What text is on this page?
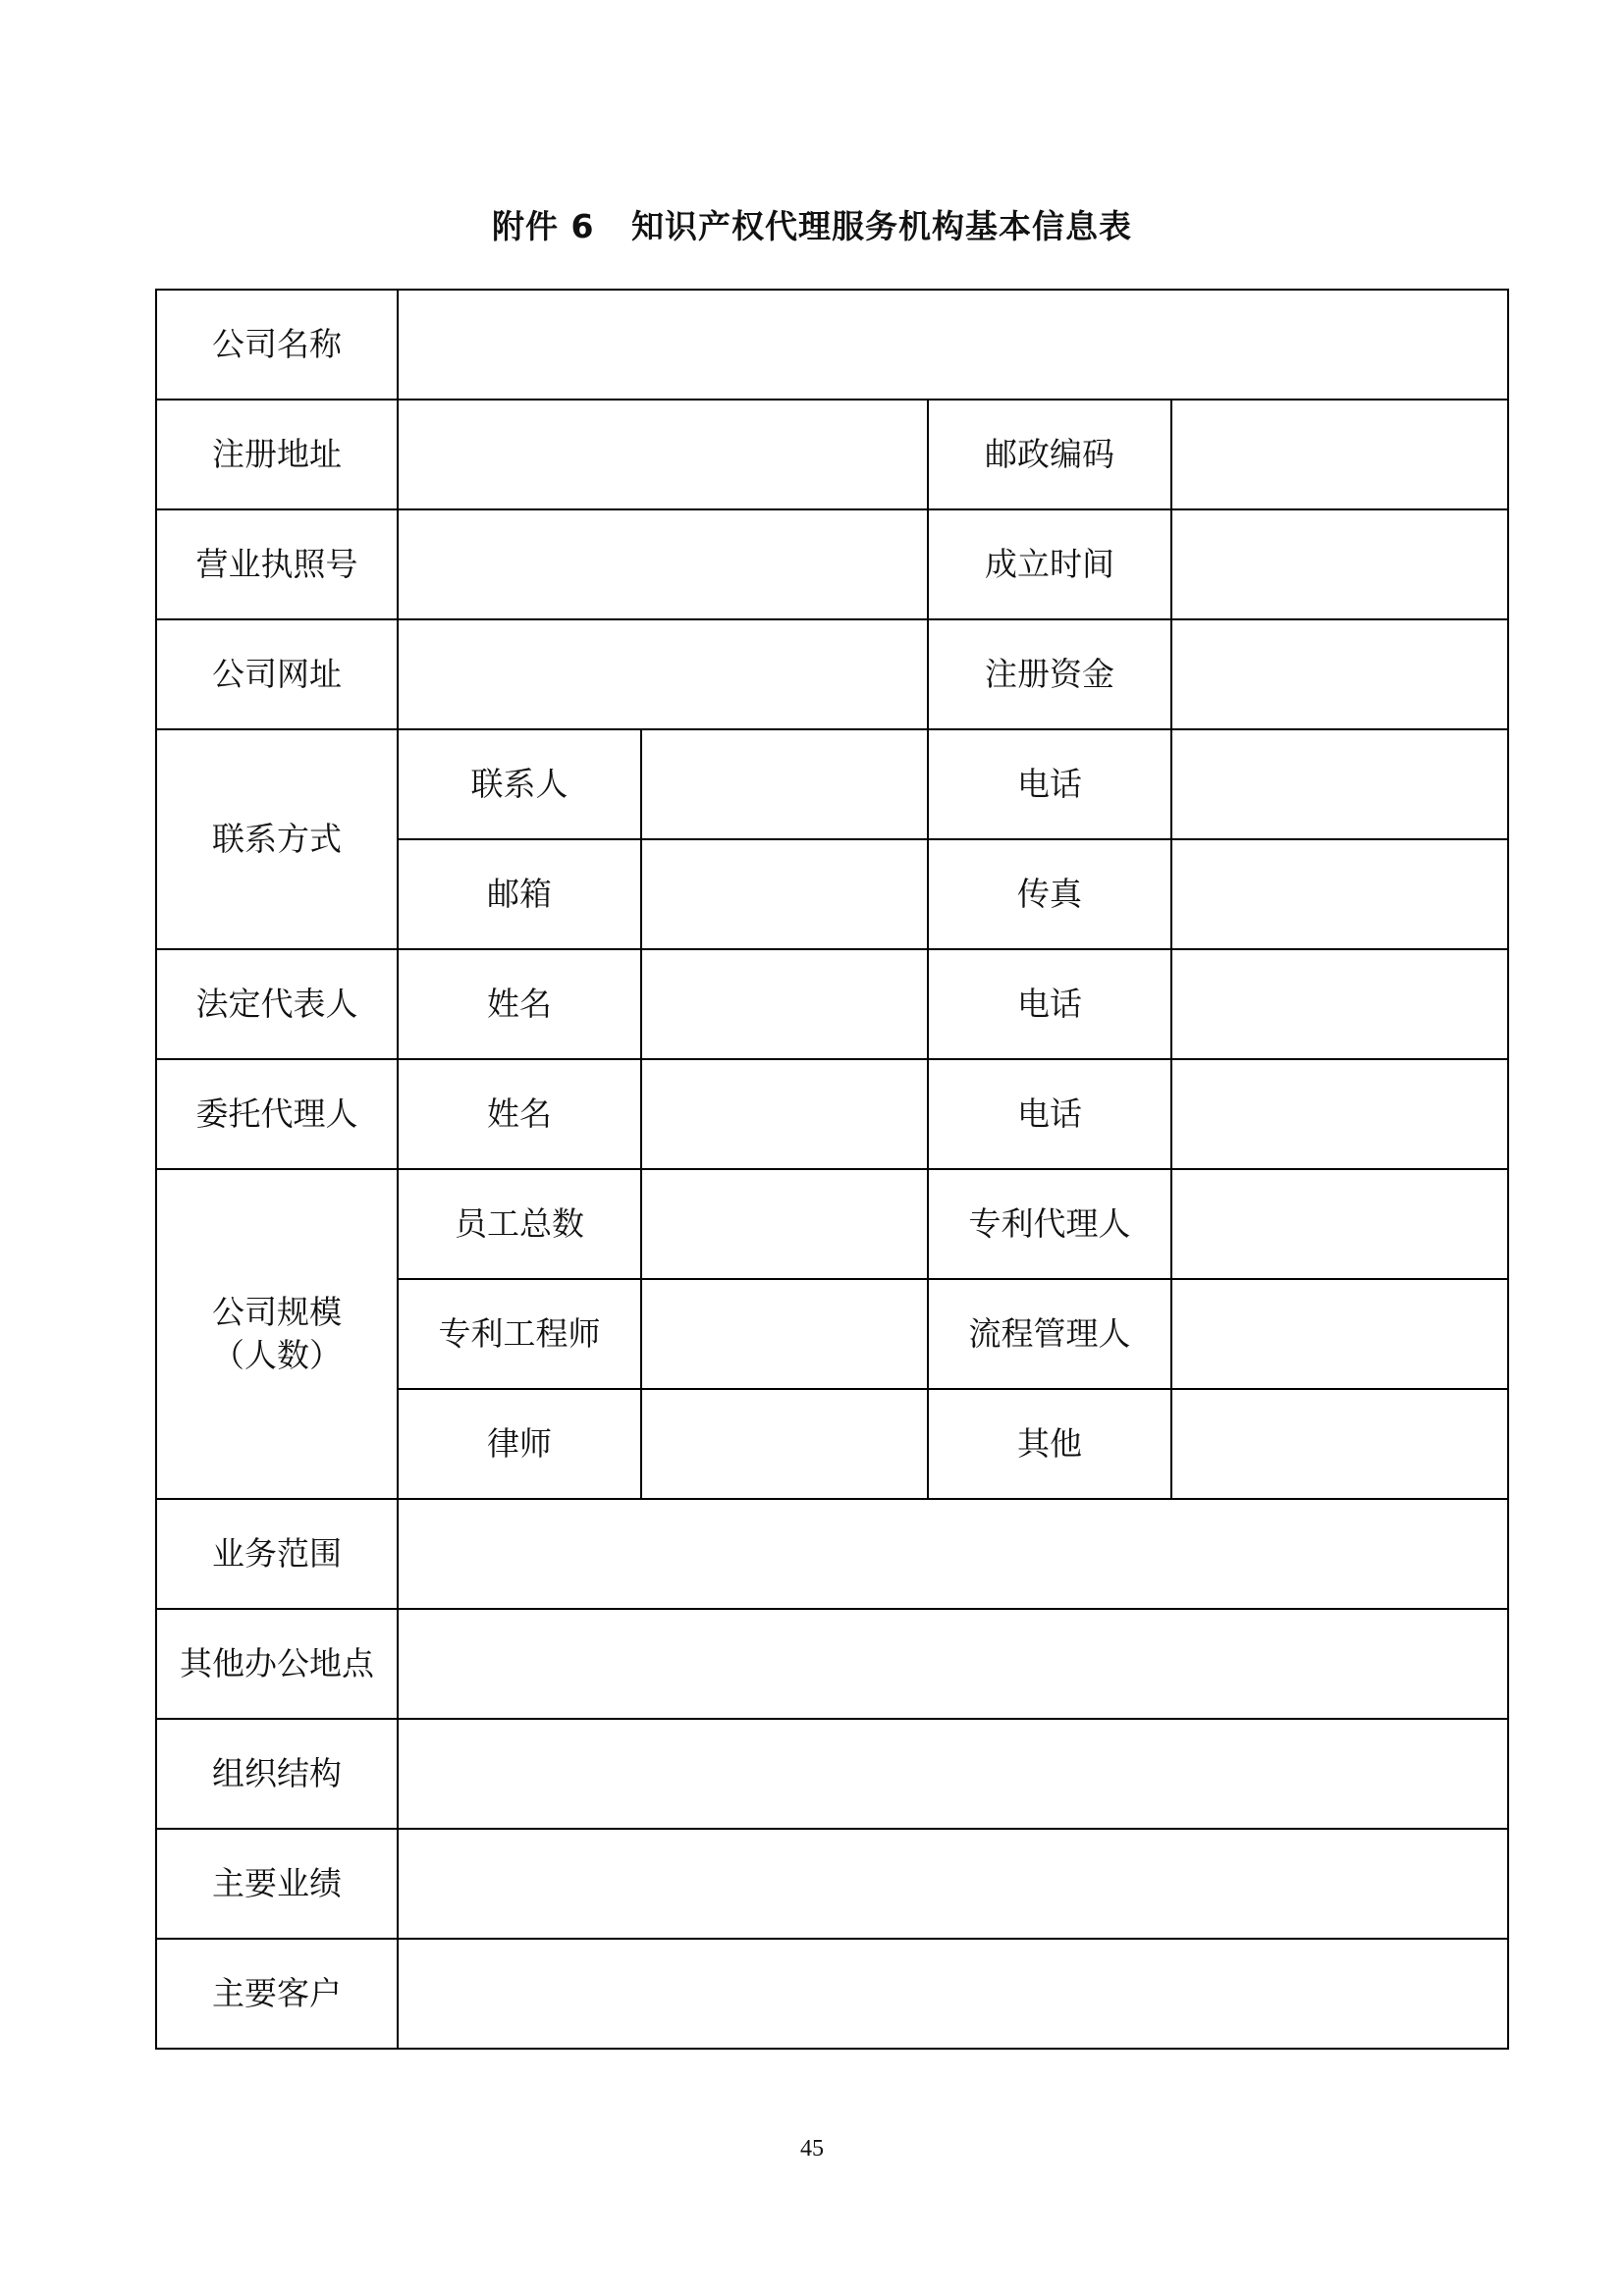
附件 6   知识产权代理服务机构基本信息表
公司名称				
注册地址			邮政编码	
营业执照号			成立时间	
公司网址			注册资金	
联系方式	联系人		电话	
	邮箱		传真	
法定代表人	姓名		电话	
委托代理人	姓名		电话	

公司规模
（人数）	员工总数		专利代理人	
	专利工程师		流程管理人	
	律师		其他	
业务范围				
其他办公地点				
组织结构				
主要业绩				
主要客户				
45
